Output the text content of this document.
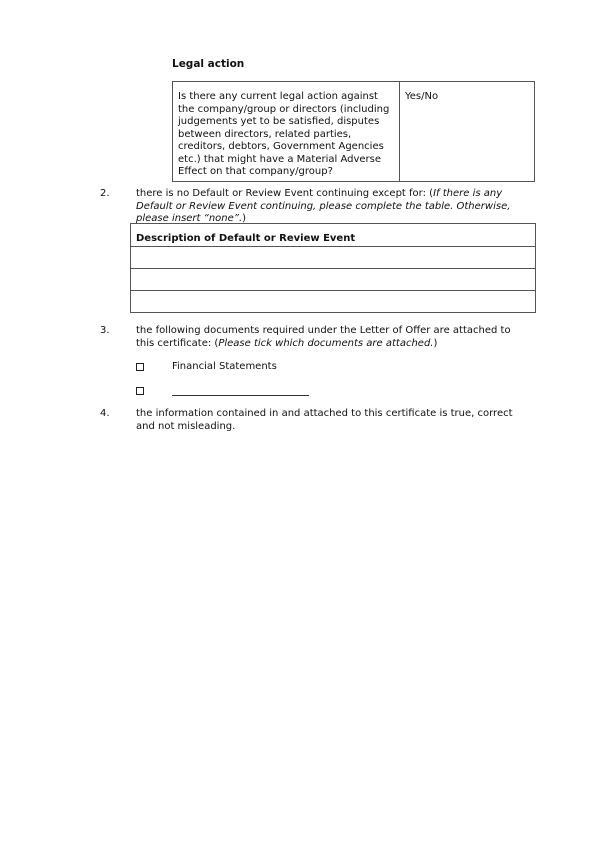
Legal action
Is there any current legal action against the company/group or directors (including judgements yet to be satisfied, disputes between directors, related parties, creditors, debtors, Government Agencies etc.) that might have a Material Adverse Effect on that company/group?	Yes/No
2.	there is no Default or Review Event continuing except for: (If there is any Default or Review Event continuing, please complete the table. Otherwise, please insert “none”.)
Description of Default or Review Event

3.	the following documents required under the Letter of Offer are attached to this certificate: (Please tick which documents are attached.)
Financial Statements
4.	the information contained in and attached to this certificate is true, correct and not misleading.
